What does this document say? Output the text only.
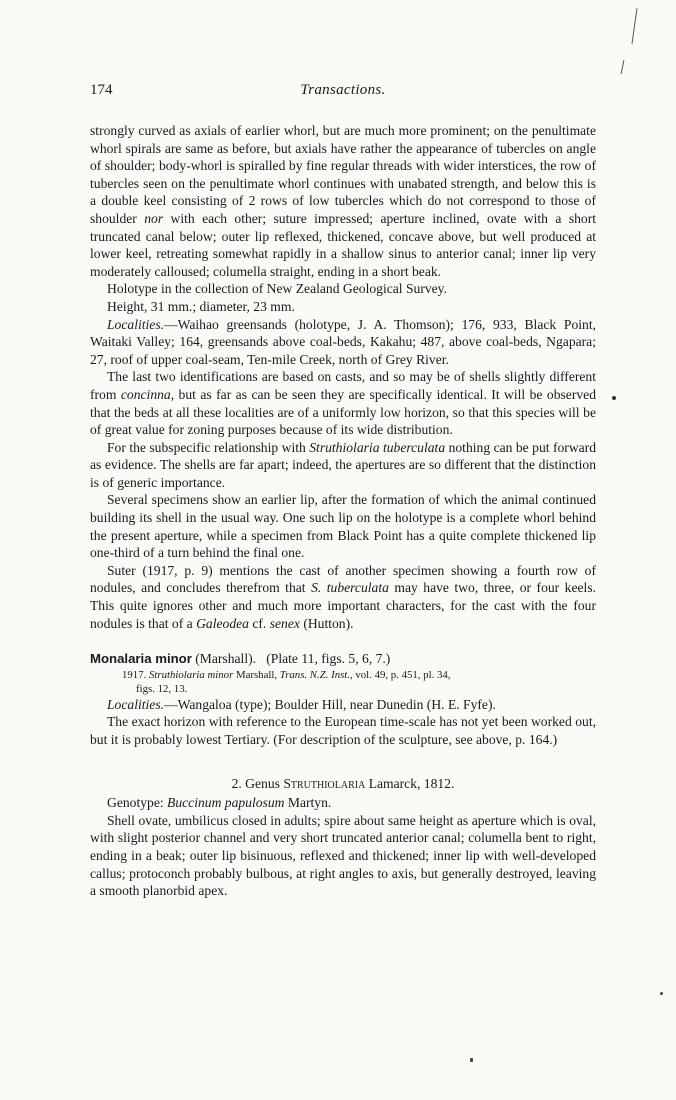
174	Transactions.

strongly curved as axials of earlier whorl, but are much more prominent; on the penultimate whorl spirals are same as before, but axials have rather the appearance of tubercles on angle of shoulder; body-whorl is spiralled by fine regular threads with wider interstices, the row of tubercles seen on the penultimate whorl continues with unabated strength, and below this is a double keel consisting of 2 rows of low tubercles which do not correspond to those of shoulder nor with each other; suture impressed; aperture inclined, ovate with a short truncated canal below; outer lip reflexed, thickened, concave above, but well produced at lower keel, retreating somewhat rapidly in a shallow sinus to anterior canal; inner lip very moderately calloused; columella straight, ending in a short beak.

Holotype in the collection of New Zealand Geological Survey.

Height, 31 mm.; diameter, 23 mm.

Localities.—Waihao greensands (holotype, J. A. Thomson); 176, 933, Black Point, Waitaki Valley; 164, greensands above coal-beds, Kakahu; 487, above coal-beds, Ngapara; 27, roof of upper coal-seam, Ten-mile Creek, north of Grey River.

The last two identifications are based on casts, and so may be of shells slightly different from concinna, but as far as can be seen they are specifically identical. It will be observed that the beds at all these localities are of a uniformly low horizon, so that this species will be of great value for zoning purposes because of its wide distribution.

For the subspecific relationship with Struthiolaria tuberculata nothing can be put forward as evidence. The shells are far apart; indeed, the apertures are so different that the distinction is of generic importance.

Several specimens show an earlier lip, after the formation of which the animal continued building its shell in the usual way. One such lip on the holotype is a complete whorl behind the present aperture, while a specimen from Black Point has a quite complete thickened lip one-third of a turn behind the final one.

Suter (1917, p. 9) mentions the cast of another specimen showing a fourth row of nodules, and concludes therefrom that S. tuberculata may have two, three, or four keels. This quite ignores other and much more important characters, for the cast with the four nodules is that of a Galeodea cf. senex (Hutton).

Monalaria minor (Marshall). (Plate 11, figs. 5, 6, 7.)

1917. Struthiolaria minor Marshall, Trans. N.Z. Inst., vol. 49, p. 451, pl. 34,
figs. 12, 13.

Localities.—Wangaloa (type); Boulder Hill, near Dunedin (H. E. Fyfe).

The exact horizon with reference to the European time-scale has not yet been worked out, but it is probably lowest Tertiary. (For description of the sculpture, see above, p. 164.)

2. Genus Struthiolaria Lamarck, 1812.

Genotype: Buccinum papulosum Martyn.

Shell ovate, umbilicus closed in adults; spire about same height as aperture which is oval, with slight posterior channel and very short truncated anterior canal; columella bent to right, ending in a beak; outer lip bisinuous, reflexed and thickened; inner lip with well-developed callus; protoconch probably bulbous, at right angles to axis, but generally destroyed, leaving a smooth planorbid apex.
